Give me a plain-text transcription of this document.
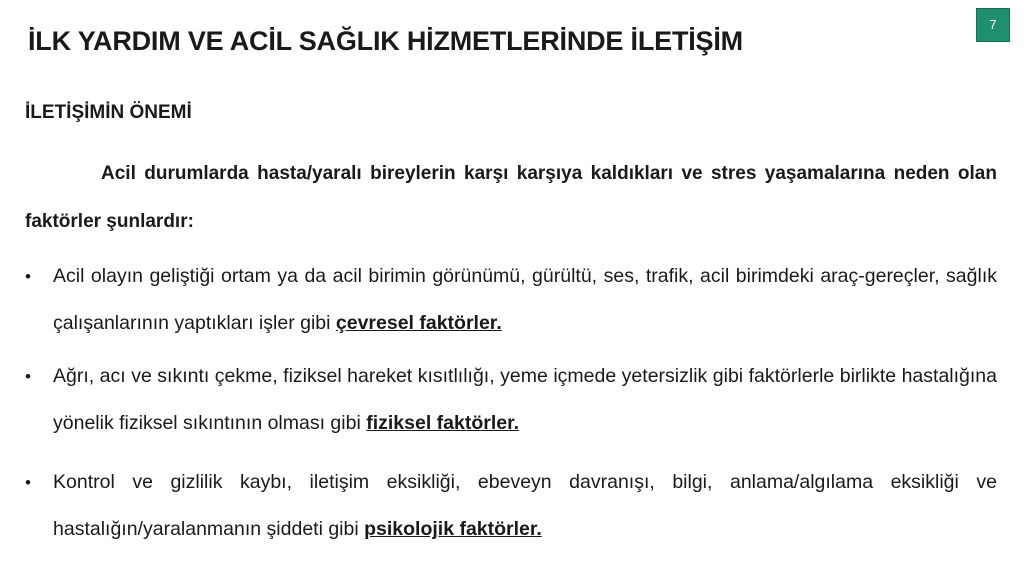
İLK YARDIM VE ACİL SAĞLIK HİZMETLERİNDE İLETİŞİM
7
İLETİŞİMİN ÖNEMİ
Acil durumlarda hasta/yaralı bireylerin karşı karşıya kaldıkları ve stres yaşamalarına neden olan faktörler şunlardır:
•	Acil olayın geliştiği ortam ya da acil birimin görünümü, gürültü, ses, trafik, acil birimdeki araç-gereçler, sağlık çalışanlarının yaptıkları işler gibi çevresel faktörler.
•	Ağrı, acı ve sıkıntı çekme, fiziksel hareket kısıtlılığı, yeme içmede yetersizlik gibi faktörlerle birlikte hastalığına yönelik fiziksel sıkıntının olması gibi fiziksel faktörler.
•	Kontrol ve gizlilik kaybı, iletişim eksikliği, ebeveyn davranışı, bilgi, anlama/algılama eksikliği ve hastalığın/yaralanmanın şiddeti gibi psikolojik faktörler.
